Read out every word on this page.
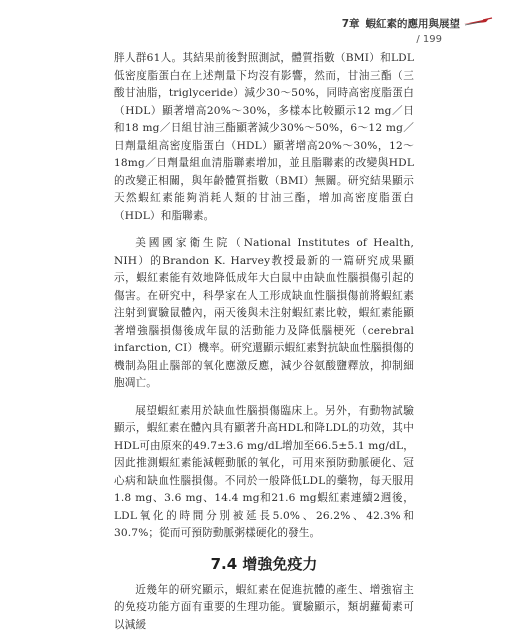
7章 蝦紅素的應用與展望
/ 199

胖人群61人。其結果前後對照測試，體質指數（BMI）和LDL低密度脂蛋白在上述劑量下均沒有影響，然而，甘油三酯（三酸甘油脂，triglyceride）減少30～50%，同時高密度脂蛋白（HDL）顯著增高20%～30%，多樣本比較顯示12 mg／日和18 mg／日組甘油三酯顯著減少30%～50%，6～12 mg／日劑量組高密度脂蛋白（HDL）顯著增高20%～30%，12～18mg／日劑量組血清脂聯素增加，並且脂聯素的改變與HDL的改變正相關，與年齡體質指數（BMI）無關。研究結果顯示天然蝦紅素能夠消耗人類的甘油三酯，增加高密度脂蛋白（HDL）和脂聯素。

美國國家衛生院（National Institutes of Health, NIH）的Brandon K. Harvey教授最新的一篇研究成果顯示，蝦紅素能有效地降低成年大白鼠中由缺血性腦損傷引起的傷害。在研究中，科學家在人工形成缺血性腦損傷前將蝦紅素注射到實驗鼠體內，兩天後與未注射蝦紅素比較，蝦紅素能顯著增強腦損傷後成年鼠的活動能力及降低腦梗死（cerebral infarction, CI）機率。研究還顯示蝦紅素對抗缺血性腦損傷的機制為阻止腦部的氧化應激反應，減少谷氨酸鹽釋放，抑制細胞凋亡。

展望蝦紅素用於缺血性腦損傷臨床上。另外，有動物試驗顯示，蝦紅素在體內具有顯著升高HDL和降LDL的功效，其中HDL可由原來的49.7±3.6 mg/dL增加至66.5±5.1 mg/dL，因此推測蝦紅素能減輕動脈的氧化，可用來預防動脈硬化、冠心病和缺血性腦損傷。不同於一般降低LDL的藥物，每天服用1.8 mg、3.6 mg、14.4 mg和21.6 mg蝦紅素連續2週後，LDL氧化的時間分別被延長5.0%、26.2%、42.3%和30.7%；從而可預防動脈粥樣硬化的發生。

7.4 增強免疫力

近幾年的研究顯示，蝦紅素在促進抗體的產生、增強宿主的免疫功能方面有重要的生理功能。實驗顯示，類胡蘿蔔素可以減緩
